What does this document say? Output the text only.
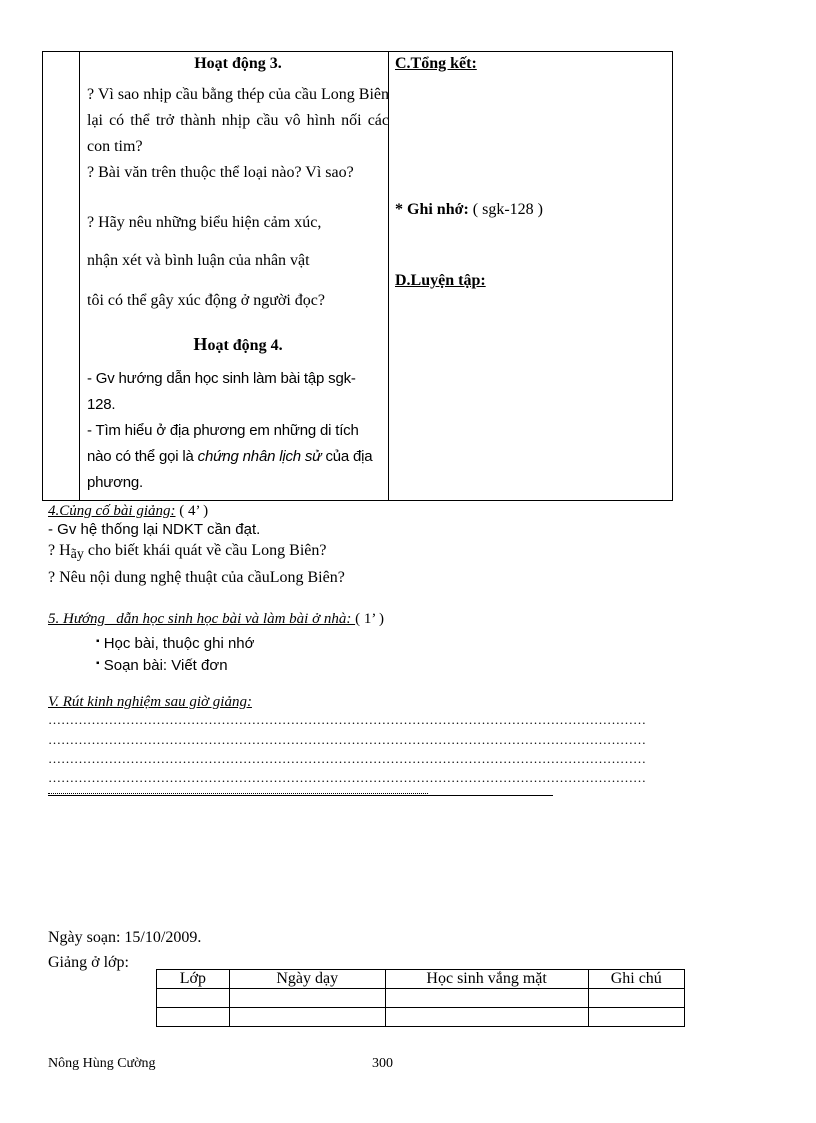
Hoạt động 3.
? Vì sao nhịp cầu bằng thép của cầu Long Biên lại có thể trở thành nhịp cầu vô hình nối các con tim?
? Bài văn trên thuộc thể loại nào? Vì sao?
? Hãy nêu những biểu hiện cảm xúc,
nhận xét và bình luận của nhân vật
tôi có thể gây xúc động ở người đọc?
Hoạt động 4.
- Gv hướng dẫn học sinh làm bài tập sgk- 128.
- Tìm hiểu ở địa phương em những di tích nào có thể gọi là chứng nhân lịch sử của địa phương.
C.Tổng kết:
* Ghi nhớ: ( sgk-128 )
D.Luyện tập:
4.Củng cố bài giảng: ( 4’ )
- Gv hệ thống lại NDKT cần đạt.
? Hãy cho biết khái quát về cầu Long Biên?
? Nêu nội dung nghệ thuật của cầuLong Biên?
5. Hướng   dẫn học sinh học bài và làm bài ở nhà: ( 1’ )
▪ Học bài, thuộc ghi nhớ
▪ Soạn bài: Viết đơn
V. Rút kinh nghiệm sau giờ giảng:
…………………………………………………………………………………………………………………………
…………………………………………………………………………………………………………………………
…………………………………………………………………………………………………………………………
…………………………………………………………………………………………………………………………
Ngày soạn: 15/10/2009.
Giảng ở lớp:
Lớp	Ngày dạy	Học sinh vắng mặt	Ghi chú

Nông Hùng Cường	300
